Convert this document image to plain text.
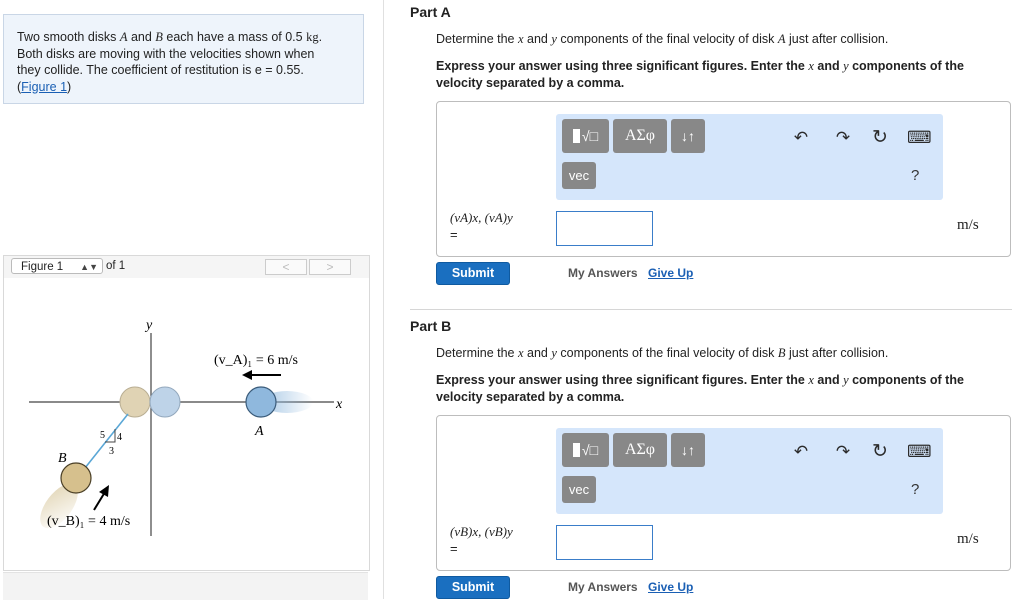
Two smooth disks A and B each have a mass of 0.5 kg.
Both disks are moving with the velocities shown when
they collide. The coefficient of restitution is e = 0.55.
(Figure 1)
Figure 1 ▲▼ of 1	<	>
y
x
A
(v_A)₁ = 6 m/s
B
5 4
3
(v_B)₁ = 4 m/s
Part A
Determine the x and y components of the final velocity of disk A just after collision.
Express your answer using three significant figures. Enter the x and y components of the
velocity separated by a comma.
√□	ΑΣφ	↓↑
vec
↶ ↷ ↻ ⌨
?
(vA)x, (vA)y
=
m/s
Submit	My Answers Give Up
Part B
Determine the x and y components of the final velocity of disk B just after collision.
Express your answer using three significant figures. Enter the x and y components of the
velocity separated by a comma.
√□	ΑΣφ	↓↑
vec
↶ ↷ ↻ ⌨
?
(vB)x, (vB)y
=
m/s
Submit	My Answers Give Up
